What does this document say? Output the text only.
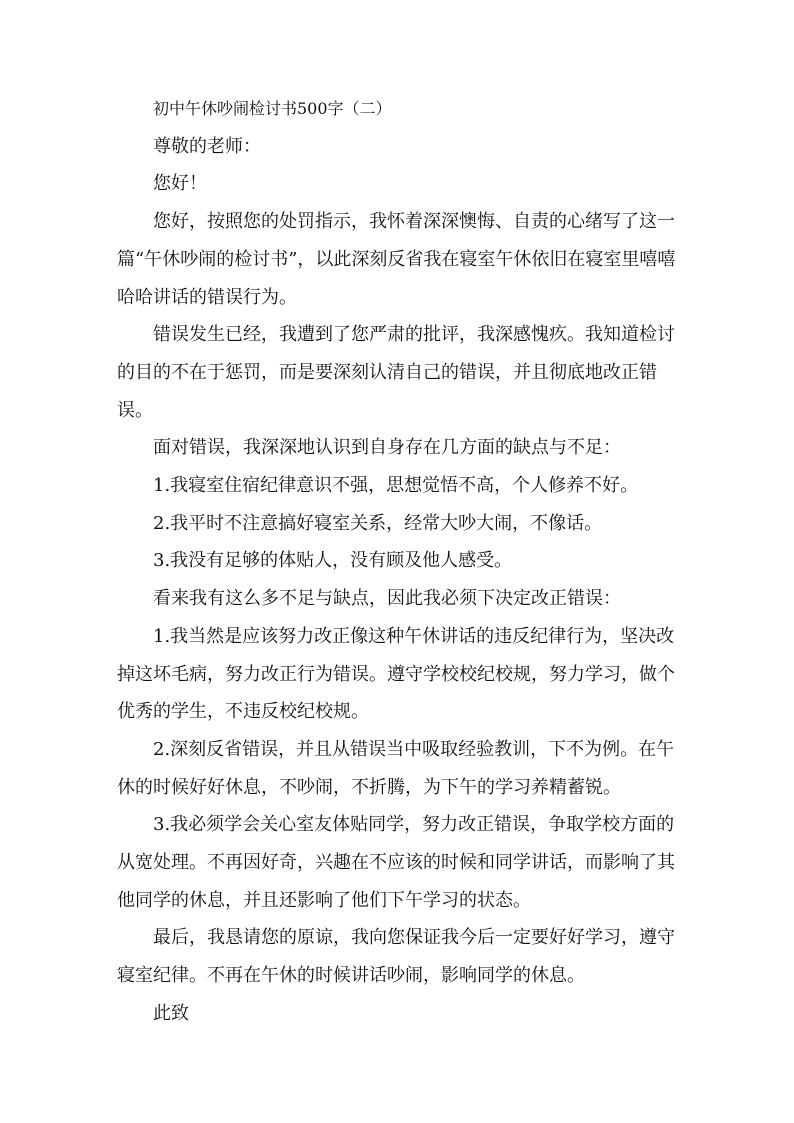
初中午休吵闹检讨书500字（二）

尊敬的老师：

您好！

您好，按照您的处罚指示，我怀着深深懊悔、自责的心绪写了这一篇“午休吵闹的检讨书”，以此深刻反省我在寝室午休依旧在寝室里嘻嘻哈哈讲话的错误行为。

错误发生已经，我遭到了您严肃的批评，我深感愧疚。我知道检讨的目的不在于惩罚，而是要深刻认清自己的错误，并且彻底地改正错误。

面对错误，我深深地认识到自身存在几方面的缺点与不足：

1.我寝室住宿纪律意识不强，思想觉悟不高，个人修养不好。

2.我平时不注意搞好寝室关系，经常大吵大闹，不像话。

3.我没有足够的体贴人，没有顾及他人感受。

看来我有这么多不足与缺点，因此我必须下决定改正错误：

1.我当然是应该努力改正像这种午休讲话的违反纪律行为，坚决改掉这坏毛病，努力改正行为错误。遵守学校校纪校规，努力学习，做个优秀的学生，不违反校纪校规。

2.深刻反省错误，并且从错误当中吸取经验教训，下不为例。在午休的时候好好休息，不吵闹，不折腾，为下午的学习养精蓄锐。

3.我必须学会关心室友体贴同学，努力改正错误，争取学校方面的从宽处理。不再因好奇，兴趣在不应该的时候和同学讲话，而影响了其他同学的休息，并且还影响了他们下午学习的状态。

最后，我恳请您的原谅，我向您保证我今后一定要好好学习，遵守寝室纪律。不再在午休的时候讲话吵闹，影响同学的休息。

此致
